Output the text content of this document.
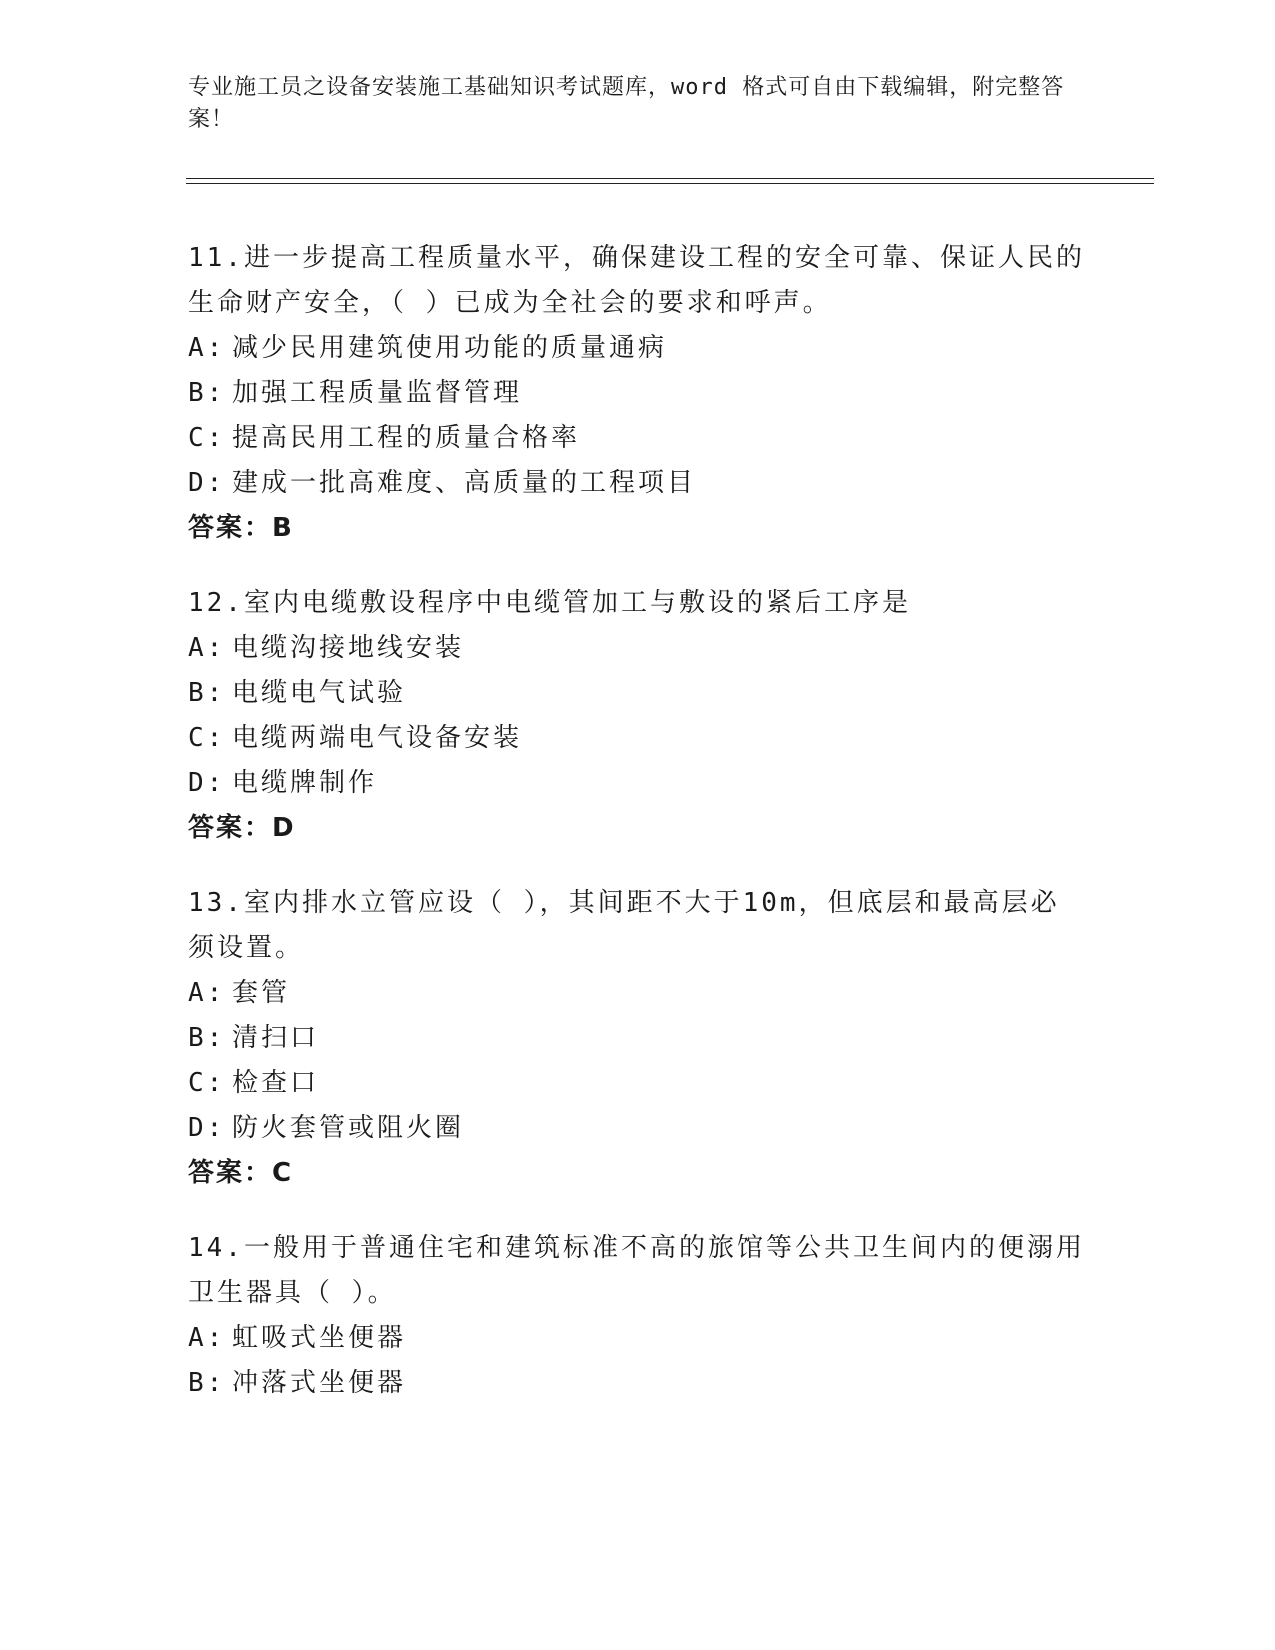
专业施工员之设备安装施工基础知识考试题库，word 格式可自由下载编辑，附完整答案！
11.进一步提高工程质量水平，确保建设工程的安全可靠、保证人民的生命财产安全，（ ）已成为全社会的要求和呼声。
A: 减少民用建筑使用功能的质量通病
B: 加强工程质量监督管理
C: 提高民用工程的质量合格率
D: 建成一批高难度、高质量的工程项目
答案：B
12.室内电缆敷设程序中电缆管加工与敷设的紧后工序是
A: 电缆沟接地线安装
B: 电缆电气试验
C: 电缆两端电气设备安装
D: 电缆牌制作
答案：D
13.室内排水立管应设（ ），其间距不大于10m，但底层和最高层必须设置。
A: 套管
B: 清扫口
C: 检查口
D: 防火套管或阻火圈
答案：C
14.一般用于普通住宅和建筑标准不高的旅馆等公共卫生间内的便溺用卫生器具（ ）。
A: 虹吸式坐便器
B: 冲落式坐便器
